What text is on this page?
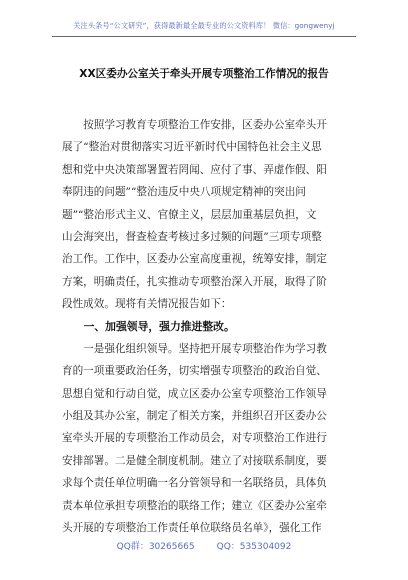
关注头条号“公文研究”，获得最新最全最专业的公文资料库！ 微信：gongwenyj
XX区委办公室关于牵头开展专项整治工作情况的报告
　　按照学习教育专项整治工作安排，区委办公室牵头开
展了“整治对贯彻落实习近平新时代中国特色社会主义思
想和党中央决策部署置若罔闻、应付了事、弄虚作假、阳
奉阴违的问题”“整治违反中央八项规定精神的突出问
题”“整治形式主义、官僚主义，层层加重基层负担，文
山会海突出，督查检查考核过多过频的问题”三项专项整
治工作。工作中，区委办公室高度重视，统筹安排，制定
方案，明确责任，扎实推动专项整治深入开展，取得了阶
段性成效。现将有关情况报告如下：
　　一、加强领导，强力推进整改。
　　一是强化组织领导。坚持把开展专项整治作为学习教
育的一项重要政治任务，切实增强专项整治的政治自觉、
思想自觉和行动自觉，成立区委办公室专项整治工作领导
小组及其办公室，制定了相关方案，并组织召开区委办公
室牵头开展的专项整治工作动员会，对专项整治工作进行
安排部署。二是健全制度机制。建立了对接联系制度，要
求每个责任单位明确一名分管领导和一名联络员，具体负
责本单位承担专项整治的联络工作；建立《区委办公室牵
头开展的专项整治工作责任单位联络员名单》，强化工作
QQ群：30265665 QQ：535304092
